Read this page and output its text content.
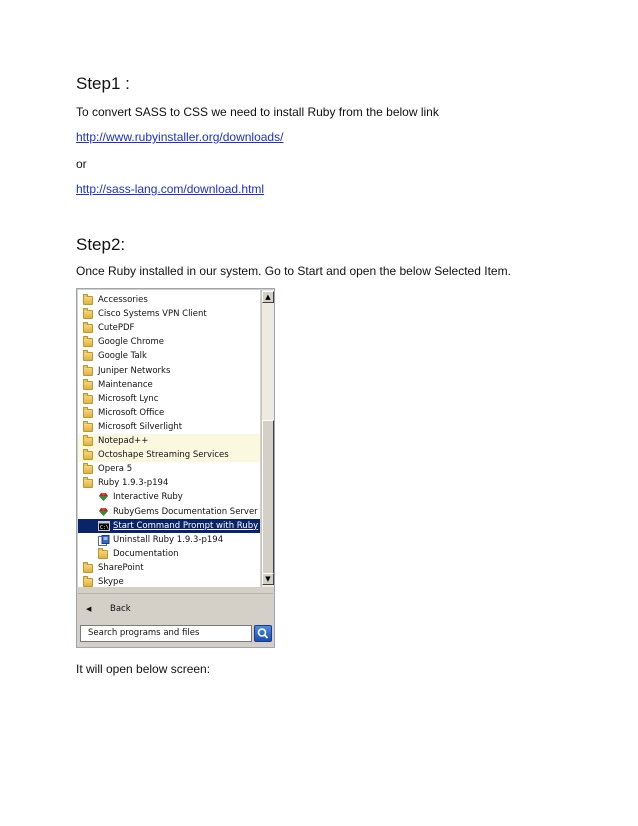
Step1 :
To convert SASS to CSS we need to install Ruby from the below link
http://www.rubyinstaller.org/downloads/
or
http://sass-lang.com/download.html
Step2:
Once Ruby installed in our system. Go to Start and open the below Selected Item.
Accessories
Cisco Systems VPN Client
CutePDF
Google Chrome
Google Talk
Juniper Networks
Maintenance
Microsoft Lync
Microsoft Office
Microsoft Silverlight
Notepad++
Octoshape Streaming Services
Opera 5
Ruby 1.9.3-p194
Interactive Ruby
RubyGems Documentation Server
C:\ Start Command Prompt with Ruby
Uninstall Ruby 1.9.3-p194
Documentation
SharePoint
Skype
▲
▼
◀ Back
Search programs and files
It will open below screen:
